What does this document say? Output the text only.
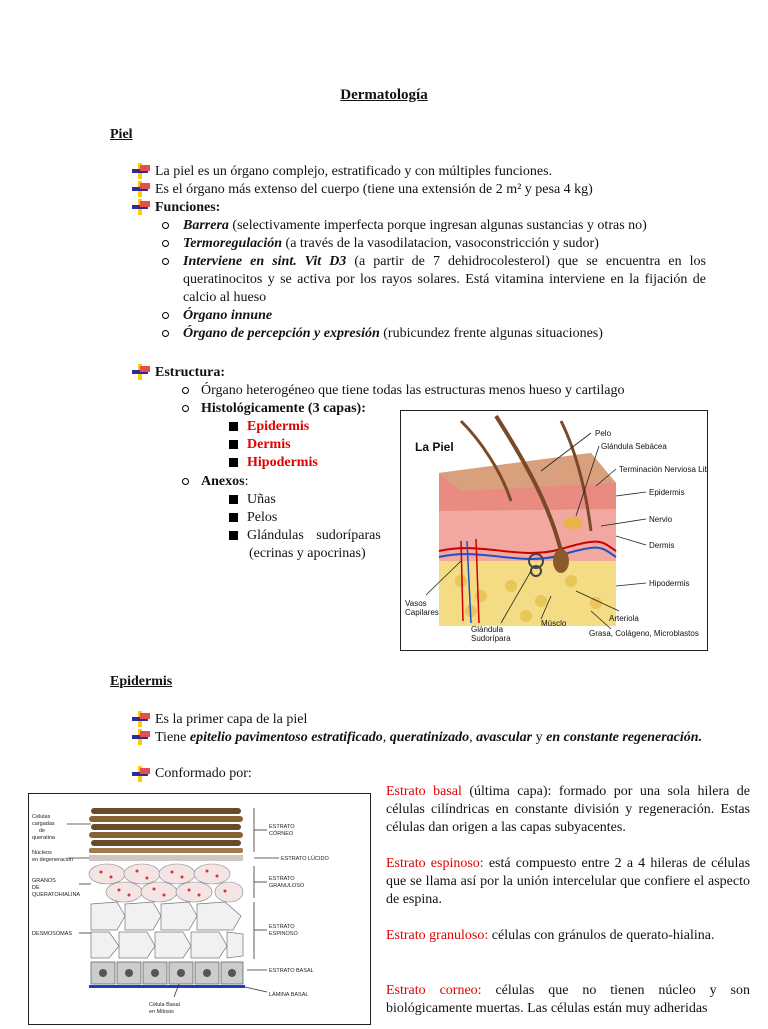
Dermatología
Piel
La piel es un órgano complejo, estratificado y con múltiples funciones.
Es el órgano más extenso del cuerpo (tiene una extensión de 2 m² y pesa 4 kg)
Funciones:
Barrera (selectivamente imperfecta porque ingresan algunas sustancias y otras no)
Termoregulación (a través de la vasodilatacion, vasoconstricción y sudor)
Interviene en sint. Vit D3 (a partir de 7 dehidrocolesterol) que se encuentra en los queratinocitos y se activa por los rayos solares. Está vitamina interviene en la fijación de calcio al hueso
Órgano innune
Órgano de percepción y expresión (rubicundez frente algunas situaciones)
Estructura:
Órgano heterogéneo que tiene todas las estructuras menos hueso y cartilago
Histológicamente (3 capas):
Epidermis
Dermis
Hipodermis
Anexos:
Uñas
Pelos
Glándulas sudoríparas
(ecrinas y apocrinas)
La Piel
Pelo
Glándula Sebácea
Terminación Nerviosa Libre
Epidermis
Nervio
Dermis
Hipodermis
Vasos
Capilares
Glándula
Sudorípara
Músclo
Arteriola
Grasa, Colágeno, Microblastos
Epidermis
Es la primer capa de la piel
Tiene epitelio pavimentoso estratificado, queratinizado, avascular y en constante regeneración.
Conformado por:
Células
cargadas
de
queratina
Núcleos
en degeneración
GRANOS
DE
QUERATOHIALINA
DESMOSOMAS
Célula Basal
en Mitosis
ESTRATO
CÓRNEO
ESTRATO LÚCIDO
ESTRATO
GRANULOSO
ESTRATO
ESPINOSO
ESTRATO BASAL
LÁMINA BASAL
Estrato basal (última capa): formado por una sola hilera de células cilíndricas en constante división y regeneración. Estas células dan origen a las capas subyacentes.
Estrato espinoso: está compuesto entre 2 a 4 hileras de células que se llama así por la unión intercelular que confiere el aspecto de espina.
Estrato granuloso: células con gránulos de querato-hialina.
Estrato corneo: células que no tienen núcleo y son biológicamente muertas. Las células están muy adheridas
